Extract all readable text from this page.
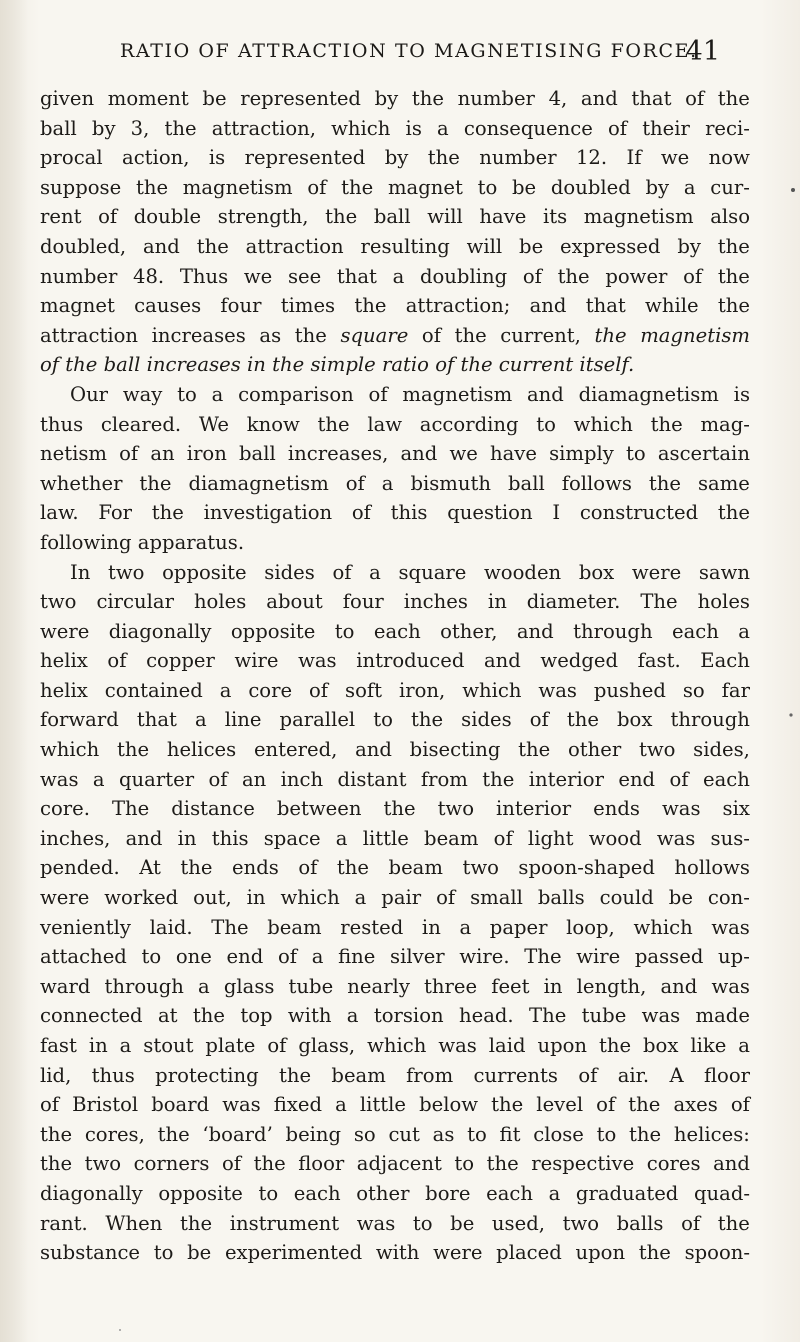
RATIO OF ATTRACTION TO MAGNETISING FORCE.
41
given moment be represented by the number 4, and that of the
ball by 3, the attraction, which is a consequence of their reci-
procal action, is represented by the number 12. If we now
suppose the magnetism of the magnet to be doubled by a cur-
rent of double strength, the ball will have its magnetism also
doubled, and the attraction resulting will be expressed by the
number 48. Thus we see that a doubling of the power of the
magnet causes four times the attraction; and that while the
attraction increases as the square of the current, the magnetism
of the ball increases in the simple ratio of the current itself.
Our way to a comparison of magnetism and diamagnetism is
thus cleared. We know the law according to which the mag-
netism of an iron ball increases, and we have simply to ascertain
whether the diamagnetism of a bismuth ball follows the same
law. For the investigation of this question I constructed the
following apparatus.
In two opposite sides of a square wooden box were sawn
two circular holes about four inches in diameter. The holes
were diagonally opposite to each other, and through each a
helix of copper wire was introduced and wedged fast. Each
helix contained a core of soft iron, which was pushed so far
forward that a line parallel to the sides of the box through
which the helices entered, and bisecting the other two sides,
was a quarter of an inch distant from the interior end of each
core. The distance between the two interior ends was six
inches, and in this space a little beam of light wood was sus-
pended. At the ends of the beam two spoon-shaped hollows
were worked out, in which a pair of small balls could be con-
veniently laid. The beam rested in a paper loop, which was
attached to one end of a fine silver wire. The wire passed up-
ward through a glass tube nearly three feet in length, and was
connected at the top with a torsion head. The tube was made
fast in a stout plate of glass, which was laid upon the box like a
lid, thus protecting the beam from currents of air. A floor
of Bristol board was fixed a little below the level of the axes of
the cores, the ‘board’ being so cut as to fit close to the helices:
the two corners of the floor adjacent to the respective cores and
diagonally opposite to each other bore each a graduated quad-
rant. When the instrument was to be used, two balls of the
substance to be experimented with were placed upon the spoon-
